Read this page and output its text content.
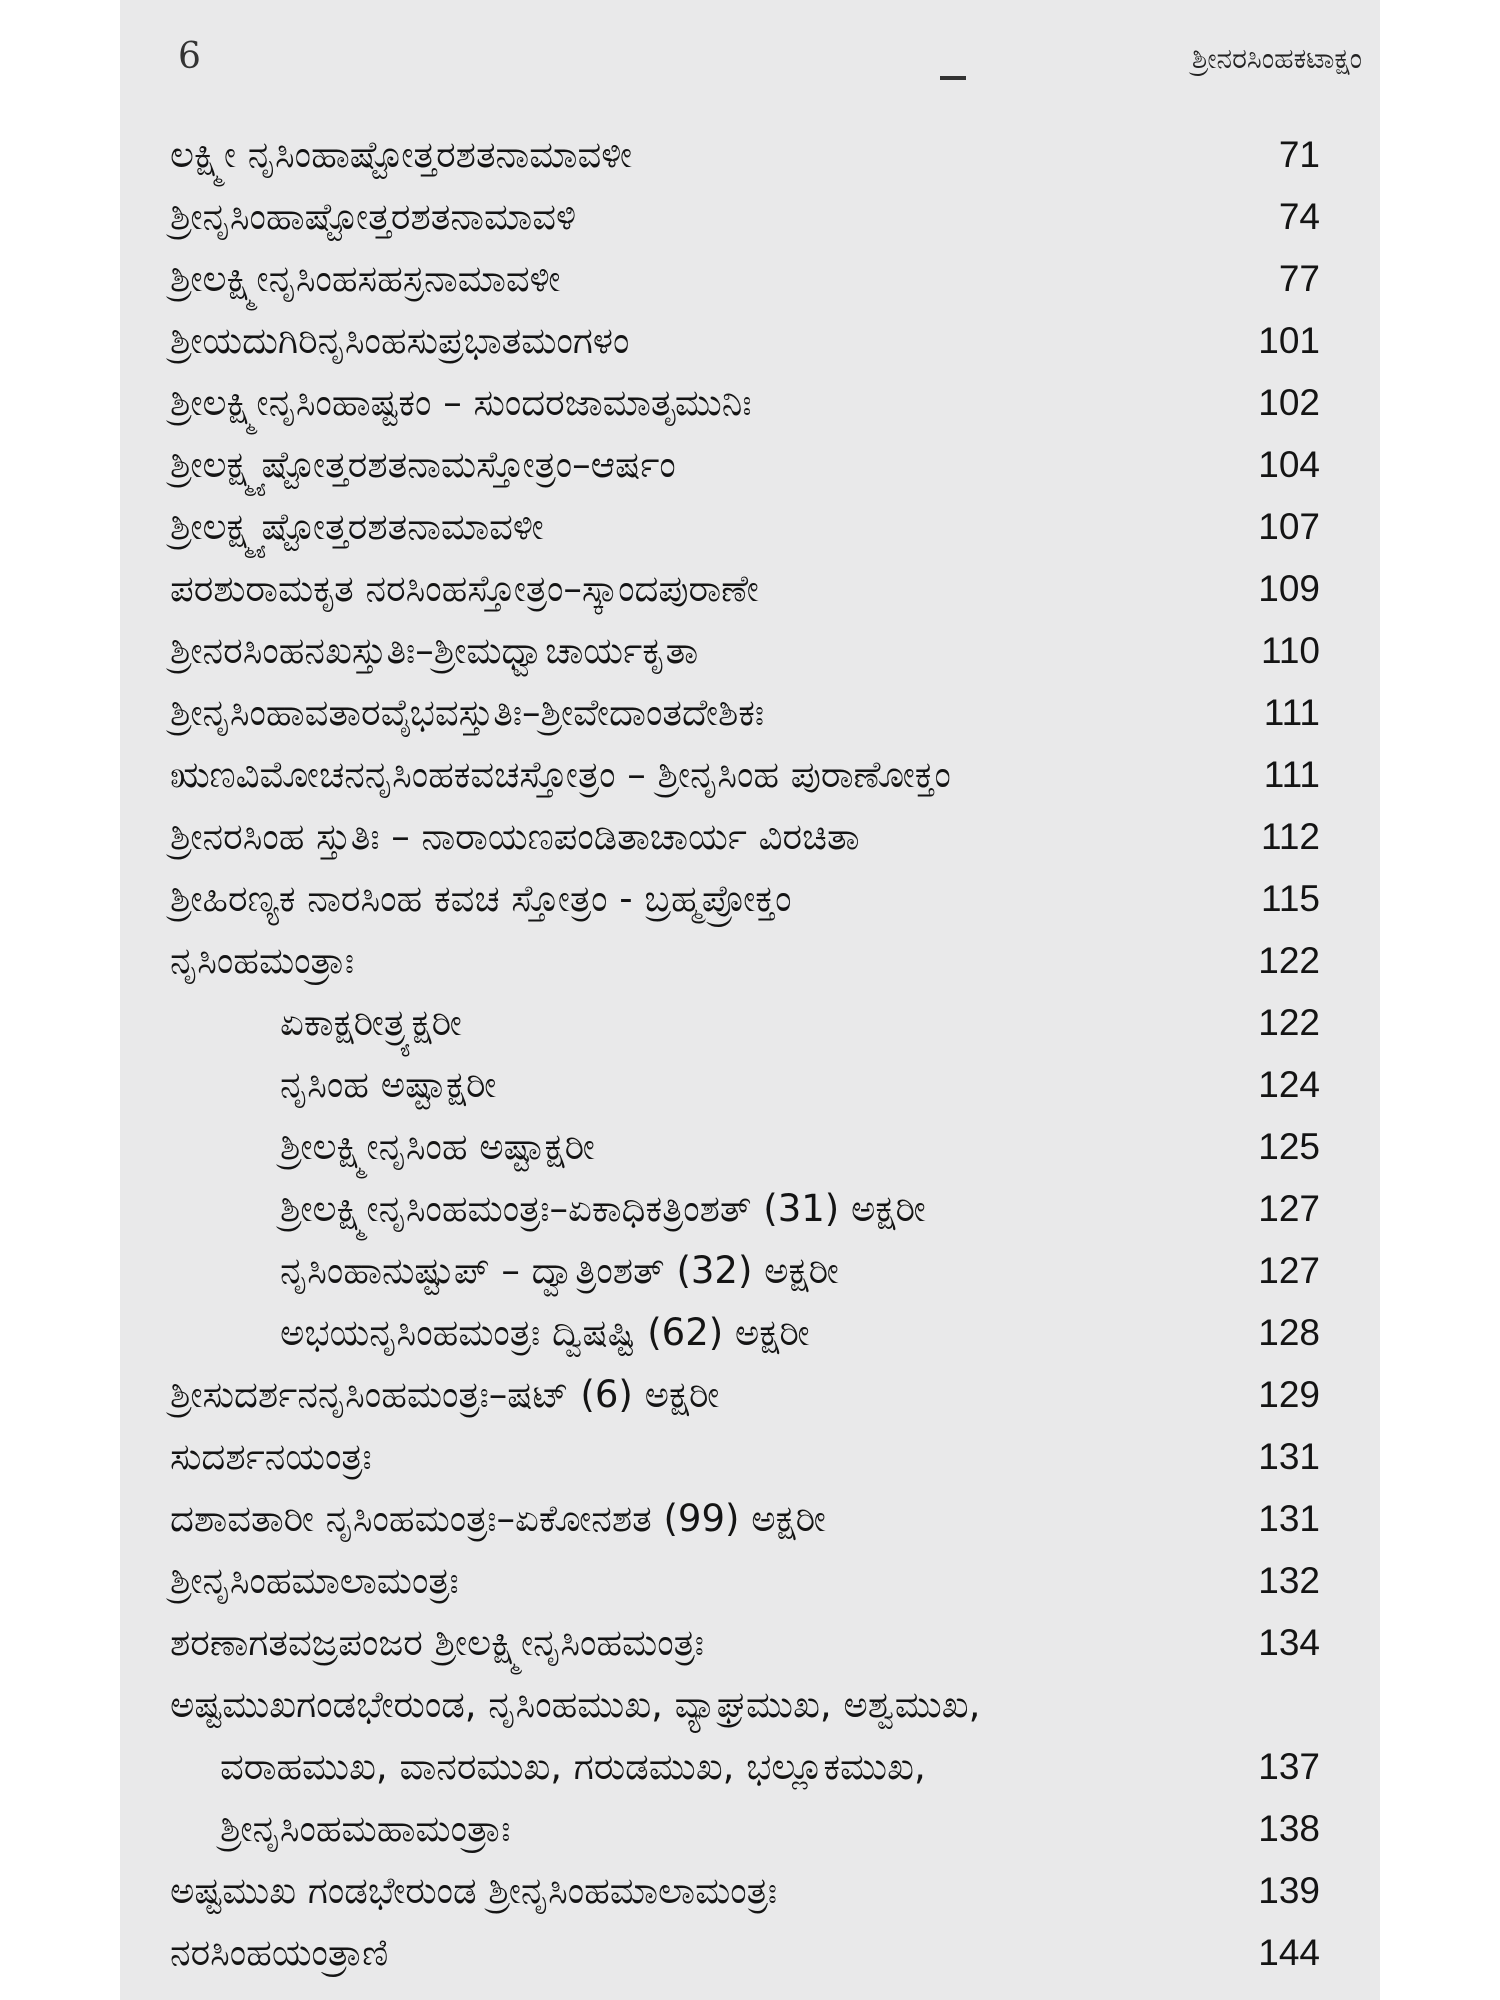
6	ಶ್ರೀನರಸಿಂಹಕಟಾಕ್ಷಂ
ಲಕ್ಷ್ಮೀ ನೃಸಿಂಹಾಷ್ಟೋತ್ತರಶತನಾಮಾವಳೀ	71
ಶ್ರೀನೃಸಿಂಹಾಷ್ಟೋತ್ತರಶತನಾಮಾವಳಿ	74
ಶ್ರೀಲಕ್ಷ್ಮೀನೃಸಿಂಹಸಹಸ್ರನಾಮಾವಳೀ	77
ಶ್ರೀಯದುಗಿರಿನೃಸಿಂಹಸುಪ್ರಭಾತಮಂಗಳಂ	101
ಶ್ರೀಲಕ್ಷ್ಮೀನೃಸಿಂಹಾಷ್ಟಕಂ – ಸುಂದರಜಾಮಾತೃಮುನಿಃ	102
ಶ್ರೀಲಕ್ಷ್ಮ್ಯಷ್ಟೋತ್ತರಶತನಾಮಸ್ತೋತ್ರಂ–ಆರ್ಷಂ	104
ಶ್ರೀಲಕ್ಷ್ಮ್ಯಷ್ಟೋತ್ತರಶತನಾಮಾವಳೀ	107
ಪರಶುರಾಮಕೃತ ನರಸಿಂಹಸ್ತೋತ್ರಂ–ಸ್ಕಾಂದಪುರಾಣೇ	109
ಶ್ರೀನರಸಿಂಹನಖಸ್ತುತಿಃ–ಶ್ರೀಮಧ್ವಾಚಾರ್ಯಕೃತಾ	110
ಶ್ರೀನೃಸಿಂಹಾವತಾರವೈಭವಸ್ತುತಿಃ–ಶ್ರೀವೇದಾಂತದೇಶಿಕಃ	111
ಋಣವಿಮೋಚನನೃಸಿಂಹಕವಚಸ್ತೋತ್ರಂ – ಶ್ರೀನೃಸಿಂಹ ಪುರಾಣೋಕ್ತಂ	111
ಶ್ರೀನರಸಿಂಹ ಸ್ತುತಿಃ – ನಾರಾಯಣಪಂಡಿತಾಚಾರ್ಯ ವಿರಚಿತಾ	112
ಶ್ರೀಹಿರಣ್ಯಕ ನಾರಸಿಂಹ ಕವಚ ಸ್ತೋತ್ರಂ - ಬ್ರಹ್ಮಪ್ರೋಕ್ತಂ	115
ನೃಸಿಂಹಮಂತ್ರಾಃ	122
ಏಕಾಕ್ಷರೀತ್ರ್ಯಕ್ಷರೀ	122
ನೃಸಿಂಹ ಅಷ್ಟಾಕ್ಷರೀ	124
ಶ್ರೀಲಕ್ಷ್ಮೀನೃಸಿಂಹ ಅಷ್ಟಾಕ್ಷರೀ	125
ಶ್ರೀಲಕ್ಷ್ಮೀನೃಸಿಂಹಮಂತ್ರಃ–ಏಕಾಧಿಕತ್ರಿಂಶತ್ (31) ಅಕ್ಷರೀ	127
ನೃಸಿಂಹಾನುಷ್ಟುಪ್ – ದ್ವಾತ್ರಿಂಶತ್ (32) ಅಕ್ಷರೀ	127
ಅಭಯನೃಸಿಂಹಮಂತ್ರಃ ದ್ವಿಷಷ್ಟಿ (62) ಅಕ್ಷರೀ	128
ಶ್ರೀಸುದರ್ಶನನೃಸಿಂಹಮಂತ್ರಃ–ಷಟ್ (6) ಅಕ್ಷರೀ	129
ಸುದರ್ಶನಯಂತ್ರಃ	131
ದಶಾವತಾರೀ ನೃಸಿಂಹಮಂತ್ರಃ–ಏಕೋನಶತ (99) ಅಕ್ಷರೀ	131
ಶ್ರೀನೃಸಿಂಹಮಾಲಾಮಂತ್ರಃ	132
ಶರಣಾಗತವಜ್ರಪಂಜರ ಶ್ರೀಲಕ್ಷ್ಮೀನೃಸಿಂಹಮಂತ್ರಃ	134
ಅಷ್ಟಮುಖಗಂಡಭೇರುಂಡ, ನೃಸಿಂಹಮುಖ, ವ್ಯಾಘ್ರಮುಖ, ಅಶ್ವಮುಖ,
ವರಾಹಮುಖ, ವಾನರಮುಖ, ಗರುಡಮುಖ, ಭಲ್ಲೂಕಮುಖ,	137
ಶ್ರೀನೃಸಿಂಹಮಹಾಮಂತ್ರಾಃ	138
ಅಷ್ಟಮುಖ ಗಂಡಭೇರುಂಡ ಶ್ರೀನೃಸಿಂಹಮಾಲಾಮಂತ್ರಃ	139
ನರಸಿಂಹಯಂತ್ರಾಣಿ	144
